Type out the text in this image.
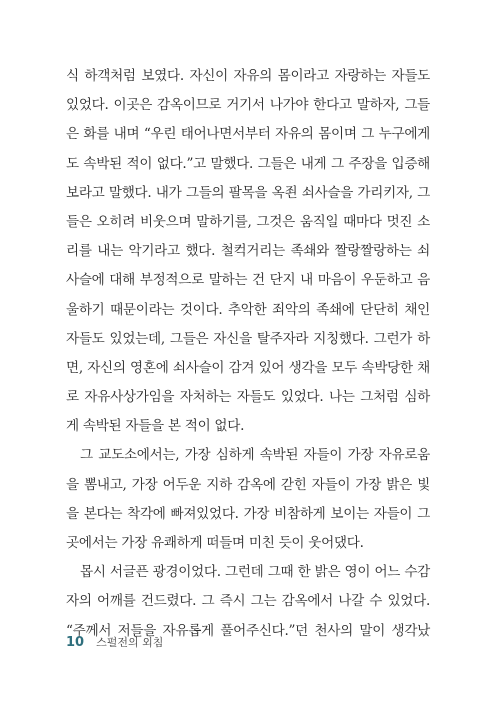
식 하객처럼 보였다. 자신이 자유의 몸이라고 자랑하는 자들도
있었다. 이곳은 감옥이므로 거기서 나가야 한다고 말하자, 그들
은 화를 내며 “우린 태어나면서부터 자유의 몸이며 그 누구에게
도 속박된 적이 없다.”고 말했다. 그들은 내게 그 주장을 입증해
보라고 말했다. 내가 그들의 팔목을 옥죈 쇠사슬을 가리키자, 그
들은 오히려 비웃으며 말하기를, 그것은 움직일 때마다 멋진 소
리를 내는 악기라고 했다. 철컥거리는 족쇄와 짤랑짤랑하는 쇠
사슬에 대해 부정적으로 말하는 건 단지 내 마음이 우둔하고 음
울하기 때문이라는 것이다. 추악한 죄악의 족쇄에 단단히 채인
자들도 있었는데, 그들은 자신을 탈주자라 지칭했다. 그런가 하
면, 자신의 영혼에 쇠사슬이 감겨 있어 생각을 모두 속박당한 채
로 자유사상가임을 자처하는 자들도 있었다. 나는 그처럼 심하
게 속박된 자들을 본 적이 없다.
그 교도소에서는, 가장 심하게 속박된 자들이 가장 자유로움
을 뽐내고, 가장 어두운 지하 감옥에 갇힌 자들이 가장 밝은 빛
을 본다는 착각에 빠져있었다. 가장 비참하게 보이는 자들이 그
곳에서는 가장 유쾌하게 떠들며 미친 듯이 웃어댔다.
몹시 서글픈 광경이었다. 그런데 그때 한 밝은 영이 어느 수감
자의 어깨를 건드렸다. 그 즉시 그는 감옥에서 나갈 수 있었다.
“주께서 저들을 자유롭게 풀어주신다.”던 천사의 말이 생각났
10 스펄전의 외침
